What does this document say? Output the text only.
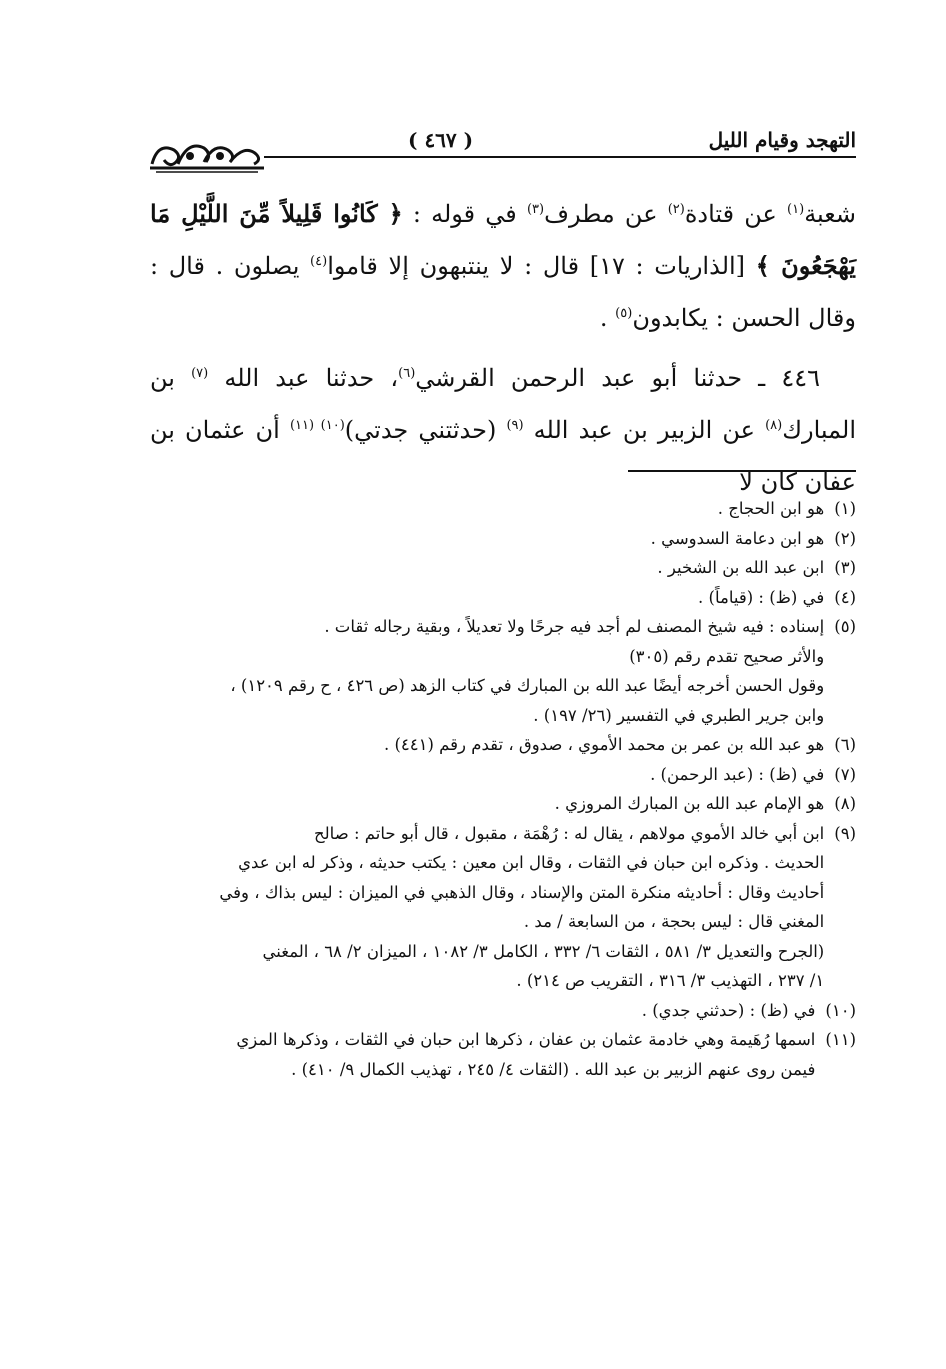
( ٤٦٧ )	التهجد وقيام الليل

شعبة$^{(١)}$ عن قتادة$^{(٢)}$ عن مطرف$^{(٣)}$ في قوله : ﴿ كَانُوا قَلِيلاً مِّنَ اللَّيْلِ مَا يَهْجَعُونَ ﴾ [الذاريات : ١٧] قال : لا ينتبهون إلا قاموا$^{(٤)}$ يصلون . قال : وقال الحسن : يكابدون$^{(٥)}$ .

٤٤٦ ـ حدثنا أبو عبد الرحمن القرشي$^{(٦)}$، حدثنا عبد الله $^{(٧)}$ بن المبارك$^{(٨)}$ عن الزبير بن عبد الله $^{(٩)}$ (حدثتني جدتي)$^{(١٠) (١١)}$ أن عثمان بن عفان كان لا

(١)
هو ابن الحجاج .
(٢)
هو ابن دعامة السدوسي .
(٣)
ابن عبد الله بن الشخير .
(٤)
في (ظ) : (قياماً) .
(٥)
إسناده : فيه شيخ المصنف لم أجد فيه جرحًا ولا تعديلاً ، وبقية رجاله ثقات .
والأثر صحيح تقدم رقم (٣٠٥)
وقول الحسن أخرجه أيضًا عبد الله بن المبارك في كتاب الزهد (ص ٤٢٦ ، ح رقم ١٢٠٩) ،
وابن جرير الطبري في التفسير (٢٦/ ١٩٧) .
(٦)
هو عبد الله بن عمر بن محمد الأموي ، صدوق ، تقدم رقم (٤٤١) .
(٧)
في (ظ) : (عبد الرحمن) .
(٨)
هو الإمام عبد الله بن المبارك المروزي .
(٩)
ابن أبي خالد الأموي مولاهم ، يقال له : رُهْمَة ، مقبول ، قال أبو حاتم : صالح
الحديث . وذكره ابن حبان في الثقات ، وقال ابن معين : يكتب حديثه ، وذكر له ابن عدي
أحاديث وقال : أحاديثه منكرة المتن والإسناد ، وقال الذهبي في الميزان : ليس بذاك ، وفي
المغني قال : ليس بحجة ، من السابعة / مد .
(الجرح والتعديل ٣/ ٥٨١ ، الثقات ٦/ ٣٣٢ ، الكامل ٣/ ١٠٨٢ ، الميزان ٢/ ٦٨ ، المغني
١/ ٢٣٧ ، التهذيب ٣/ ٣١٦ ، التقريب ص ٢١٤) .
(١٠)
في (ظ) : (حدثني جدي) .
(١١)
اسمها رُهَيمة وهي خادمة عثمان بن عفان ، ذكرها ابن حبان في الثقات ، وذكرها المزي
فيمن روى عنهم الزبير بن عبد الله . (الثقات ٤/ ٢٤٥ ، تهذيب الكمال ٩/ ٤١٠) .
